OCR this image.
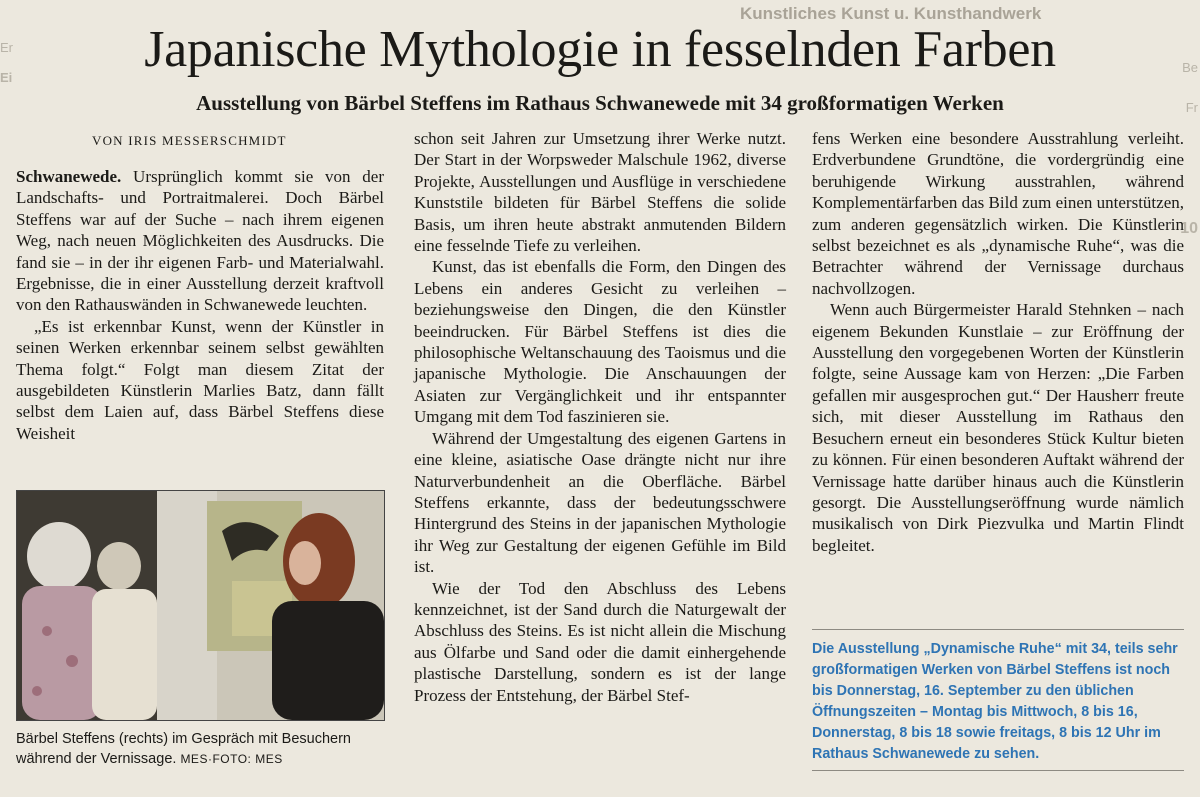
Kunstliches Kunst u. Kunsthandwerk
Er
Ei
Be
Fr
10
Japanische Mythologie in fesselnden Farben
Ausstellung von Bärbel Steffens im Rathaus Schwanewede mit 34 großformatigen Werken
VON IRIS MESSERSCHMIDT

Schwanewede. Ursprünglich kommt sie von der Landschafts- und Portraitmalerei. Doch Bärbel Steffens war auf der Suche – nach ihrem eigenen Weg, nach neuen Möglichkeiten des Ausdrucks. Die fand sie – in der ihr eigenen Farb- und Materialwahl. Ergebnisse, die in einer Ausstellung derzeit kraftvoll von den Rathauswänden in Schwanewede leuchten.

„Es ist erkennbar Kunst, wenn der Künstler in seinen Werken erkennbar seinem selbst gewählten Thema folgt.“ Folgt man diesem Zitat der ausgebildeten Künstlerin Marlies Batz, dann fällt selbst dem Laien auf, dass Bärbel Steffens diese Weisheit

Bärbel Steffens (rechts) im Gespräch mit Besuchern während der Vernissage. MES·FOTO: MES

schon seit Jahren zur Umsetzung ihrer Werke nutzt. Der Start in der Worpsweder Malschule 1962, diverse Projekte, Ausstellungen und Ausflüge in verschiedene Kunststile bildeten für Bärbel Steffens die solide Basis, um ihren heute abstrakt anmutenden Bildern eine fesselnde Tiefe zu verleihen.

Kunst, das ist ebenfalls die Form, den Dingen des Lebens ein anderes Gesicht zu verleihen – beziehungsweise den Dingen, die den Künstler beeindrucken. Für Bärbel Steffens ist dies die philosophische Weltanschauung des Taoismus und die japanische Mythologie. Die Anschauungen der Asiaten zur Vergänglichkeit und ihr entspannter Umgang mit dem Tod faszinieren sie.

Während der Umgestaltung des eigenen Gartens in eine kleine, asiatische Oase drängte nicht nur ihre Naturverbundenheit an die Oberfläche. Bärbel Steffens erkannte, dass der bedeutungsschwere Hintergrund des Steins in der japanischen Mythologie ihr Weg zur Gestaltung der eigenen Gefühle im Bild ist.

Wie der Tod den Abschluss des Lebens kennzeichnet, ist der Sand durch die Naturgewalt der Abschluss des Steins. Es ist nicht allein die Mischung aus Ölfarbe und Sand oder die damit einhergehende plastische Darstellung, sondern es ist der lange Prozess der Entstehung, der Bärbel Stef-

fens Werken eine besondere Ausstrahlung verleiht. Erdverbundene Grundtöne, die vordergründig eine beruhigende Wirkung ausstrahlen, während Komplementärfarben das Bild zum einen unterstützen, zum anderen gegensätzlich wirken. Die Künstlerin selbst bezeichnet es als „dynamische Ruhe“, was die Betrachter während der Vernissage durchaus nachvollzogen.

Wenn auch Bürgermeister Harald Stehnken – nach eigenem Bekunden Kunstlaie – zur Eröffnung der Ausstellung den vorgegebenen Worten der Künstlerin folgte, seine Aussage kam von Herzen: „Die Farben gefallen mir ausgesprochen gut.“ Der Hausherr freute sich, mit dieser Ausstellung im Rathaus den Besuchern erneut ein besonderes Stück Kultur bieten zu können. Für einen besonderen Auftakt während der Vernissage hatte darüber hinaus auch die Künstlerin gesorgt. Die Ausstellungseröffnung wurde nämlich musikalisch von Dirk Piezvulka und Martin Flindt begleitet.

Die Ausstellung „Dynamische Ruhe“ mit 34, teils sehr großformatigen Werken von Bärbel Steffens ist noch bis Donnerstag, 16. September zu den üblichen Öffnungszeiten – Montag bis Mittwoch, 8 bis 16, Donnerstag, 8 bis 18 sowie freitags, 8 bis 12 Uhr im Rathaus Schwanewede zu sehen.
